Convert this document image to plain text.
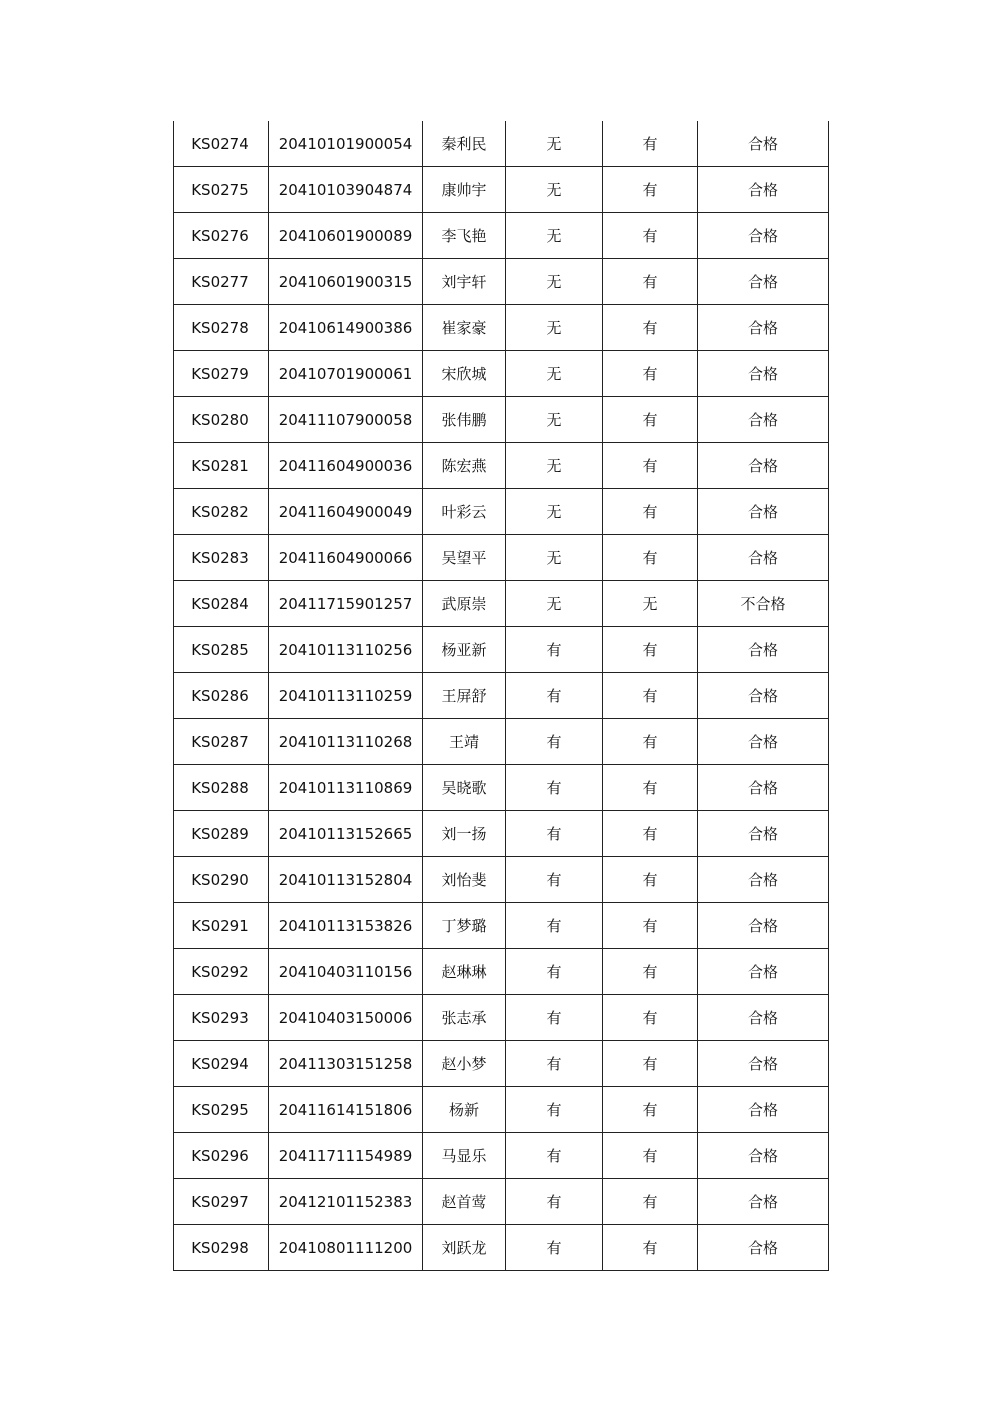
KS0274	20410101900054	秦利民	无	有	合格
KS0275	20410103904874	康帅宇	无	有	合格
KS0276	20410601900089	李飞艳	无	有	合格
KS0277	20410601900315	刘宇轩	无	有	合格
KS0278	20410614900386	崔家豪	无	有	合格
KS0279	20410701900061	宋欣城	无	有	合格
KS0280	20411107900058	张伟鹏	无	有	合格
KS0281	20411604900036	陈宏燕	无	有	合格
KS0282	20411604900049	叶彩云	无	有	合格
KS0283	20411604900066	吴望平	无	有	合格
KS0284	20411715901257	武原崇	无	无	不合格
KS0285	20410113110256	杨亚新	有	有	合格
KS0286	20410113110259	王屏舒	有	有	合格
KS0287	20410113110268	王靖	有	有	合格
KS0288	20410113110869	吴晓歌	有	有	合格
KS0289	20410113152665	刘一扬	有	有	合格
KS0290	20410113152804	刘怡斐	有	有	合格
KS0291	20410113153826	丁梦璐	有	有	合格
KS0292	20410403110156	赵琳琳	有	有	合格
KS0293	20410403150006	张志承	有	有	合格
KS0294	20411303151258	赵小梦	有	有	合格
KS0295	20411614151806	杨新	有	有	合格
KS0296	20411711154989	马显乐	有	有	合格
KS0297	20412101152383	赵首莺	有	有	合格
KS0298	20410801111200	刘跃龙	有	有	合格
